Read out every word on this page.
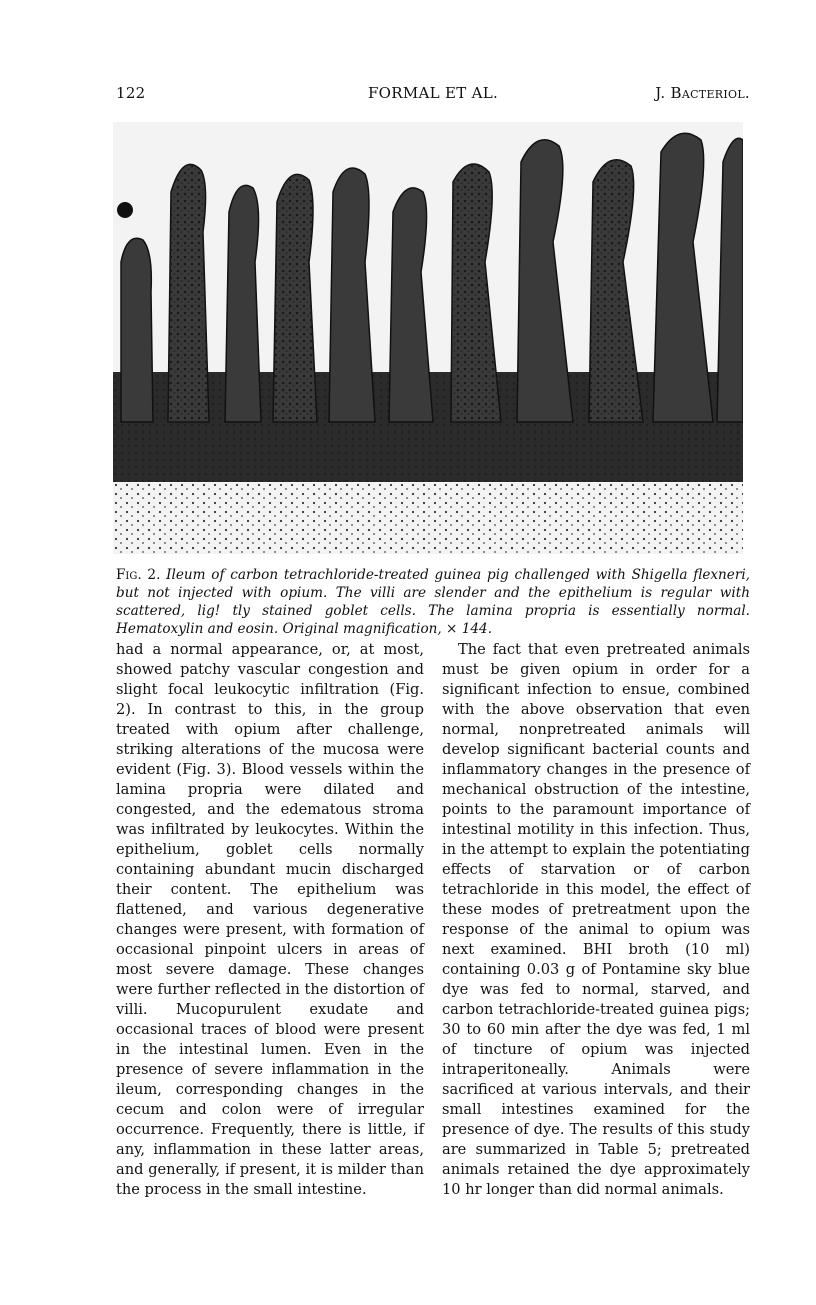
122	FORMAL ET AL.	J. Bacteriol.
Fig. 2. Ileum of carbon tetrachloride-treated guinea pig challenged with Shigella flexneri, but not injected with opium. The villi are slender and the epithelium is regular with scattered, lig! tly stained goblet cells. The lamina propria is essentially normal. Hematoxylin and eosin. Original magnification, × 144.

had a normal appearance, or, at most, showed patchy vascular congestion and slight focal leukocytic infiltration (Fig. 2). In contrast to this, in the group treated with opium after challenge, striking alterations of the mucosa were evident (Fig. 3). Blood vessels within the lamina propria were dilated and congested, and the edematous stroma was infiltrated by leukocytes. Within the epithelium, goblet cells normally containing abundant mucin discharged their content. The epithelium was flattened, and various degenerative changes were present, with formation of occasional pinpoint ulcers in areas of most severe damage. These changes were further reflected in the distortion of villi. Mucopurulent exudate and occasional traces of blood were present in the intestinal lumen. Even in the presence of severe inflammation in the ileum, corresponding changes in the cecum and colon were of irregular occurrence. Frequently, there is little, if any, inflammation in these latter areas, and generally, if present, it is milder than the process in the small intestine.

The fact that even pretreated animals must be given opium in order for a significant infection to ensue, combined with the above observation that even normal, nonpretreated animals will develop significant bacterial counts and inflammatory changes in the presence of mechanical obstruction of the intestine, points to the paramount importance of intestinal motility in this infection. Thus, in the attempt to explain the potentiating effects of starvation or of carbon tetrachloride in this model, the effect of these modes of pretreatment upon the response of the animal to opium was next examined. BHI broth (10 ml) containing 0.03 g of Pontamine sky blue dye was fed to normal, starved, and carbon tetrachloride-treated guinea pigs; 30 to 60 min after the dye was fed, 1 ml of tincture of opium was injected intraperitoneally. Animals were sacrificed at various intervals, and their small intestines examined for the presence of dye. The results of this study are summarized in Table 5; pretreated animals retained the dye approximately 10 hr longer than did normal animals.
